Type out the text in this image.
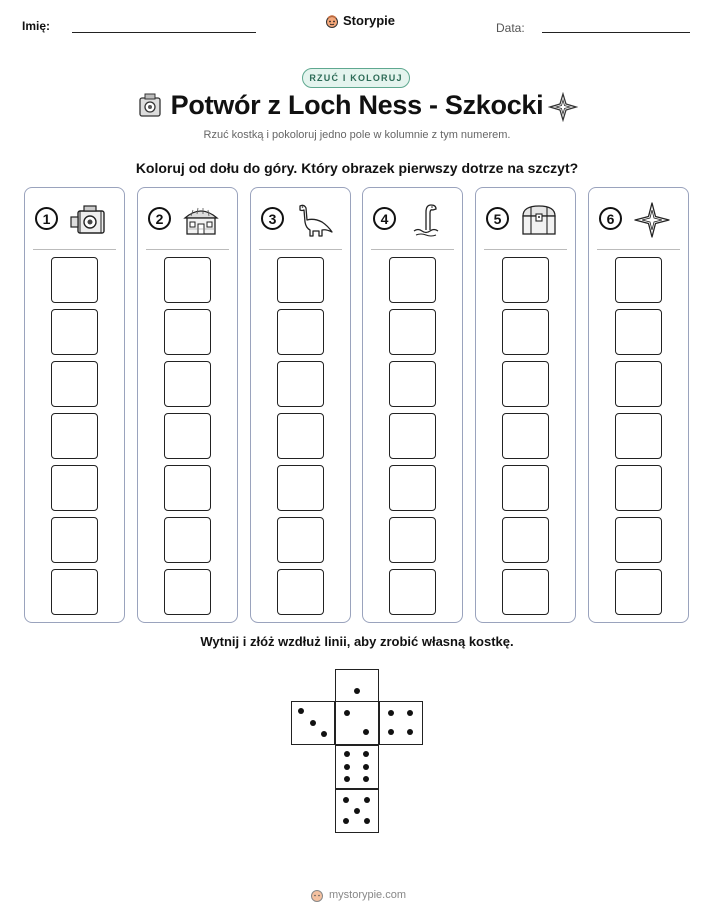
Imię:	Storypie	Data:
RZUĆ I KOLORUJ
Potwór z Loch Ness - Szkocki
Rzuć kostką i pokoloruj jedno pole w kolumnie z tym numerem.
Koloruj od dołu do góry. Który obrazek pierwszy dotrze na szczyt?
1	2	3	4	5	6
Wytnij i złóż wzdłuż linii, aby zrobić własną kostkę.
mystorypie.com
